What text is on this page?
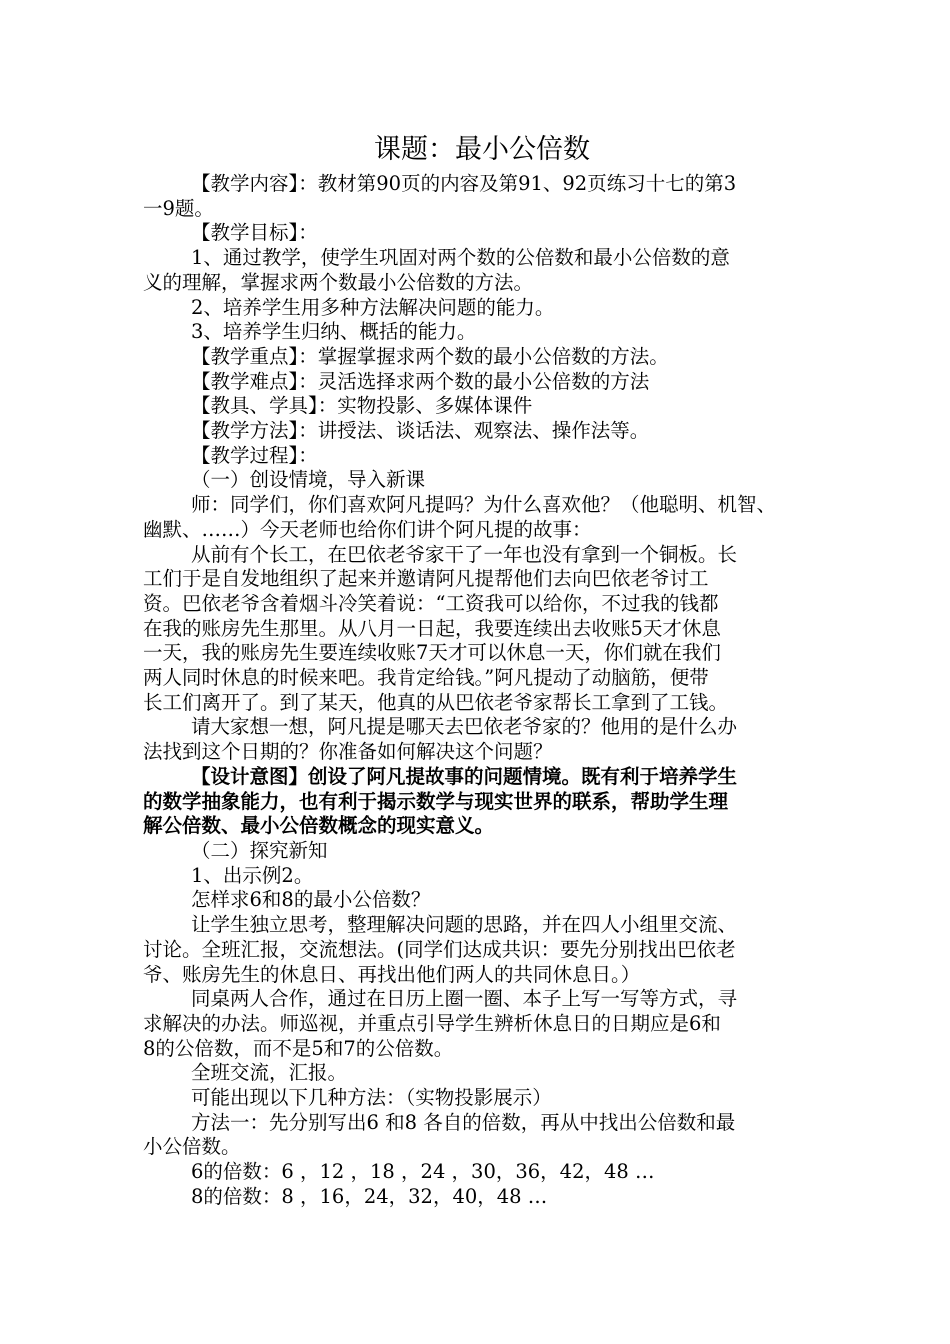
课题：最小公倍数

【教学内容】：教材第90页的内容及第91、92页练习十七的第3

一9题。

【教学目标】：

1、通过教学，使学生巩固对两个数的公倍数和最小公倍数的意

义的理解，掌握求两个数最小公倍数的方法。

2、培养学生用多种方法解决问题的能力。

3、培养学生归纳、概括的能力。

【教学重点】：掌握掌握求两个数的最小公倍数的方法。

【教学难点】：灵活选择求两个数的最小公倍数的方法

【教具、学具】：实物投影、多媒体课件

【教学方法】：讲授法、谈话法、观察法、操作法等。

【教学过程】：

（一）创设情境，导入新课

师：同学们，你们喜欢阿凡提吗？为什么喜欢他？（他聪明、机智、

幽默、……）今天老师也给你们讲个阿凡提的故事：

从前有个长工，在巴依老爷家干了一年也没有拿到一个铜板。长

工们于是自发地组织了起来并邀请阿凡提帮他们去向巴依老爷讨工

资。巴依老爷含着烟斗冷笑着说：“工资我可以给你，不过我的钱都

在我的账房先生那里。从八月一日起，我要连续出去收账5天才休息

一天，我的账房先生要连续收账7天才可以休息一天，你们就在我们

两人同时休息的时候来吧。我肯定给钱。”阿凡提动了动脑筋，便带

长工们离开了。到了某天，他真的从巴依老爷家帮长工拿到了工钱。

请大家想一想，阿凡提是哪天去巴依老爷家的？他用的是什么办

法找到这个日期的？你准备如何解决这个问题？

【设计意图】创设了阿凡提故事的问题情境。既有利于培养学生

的数学抽象能力，也有利于揭示数学与现实世界的联系，帮助学生理

解公倍数、最小公倍数概念的现实意义。

（二）探究新知

1、出示例2。

怎样求6和8的最小公倍数？

让学生独立思考，整理解决问题的思路，并在四人小组里交流、

讨论。全班汇报，交流想法。(同学们达成共识：要先分别找出巴依老

爷、账房先生的休息日、再找出他们两人的共同休息日。）

同桌两人合作，通过在日历上圈一圈、本子上写一写等方式，寻

求解决的办法。师巡视，并重点引导学生辨析休息日的日期应是6和

8的公倍数，而不是5和7的公倍数。

全班交流，汇报。

可能出现以下几种方法：（实物投影展示）

方法一：先分别写出6 和8 各自的倍数，再从中找出公倍数和最

小公倍数。

6的倍数：6 ，12 ，18 ，24 ，30，36，42，48 …

8的倍数：8 ，16，24，32，40，48 …
